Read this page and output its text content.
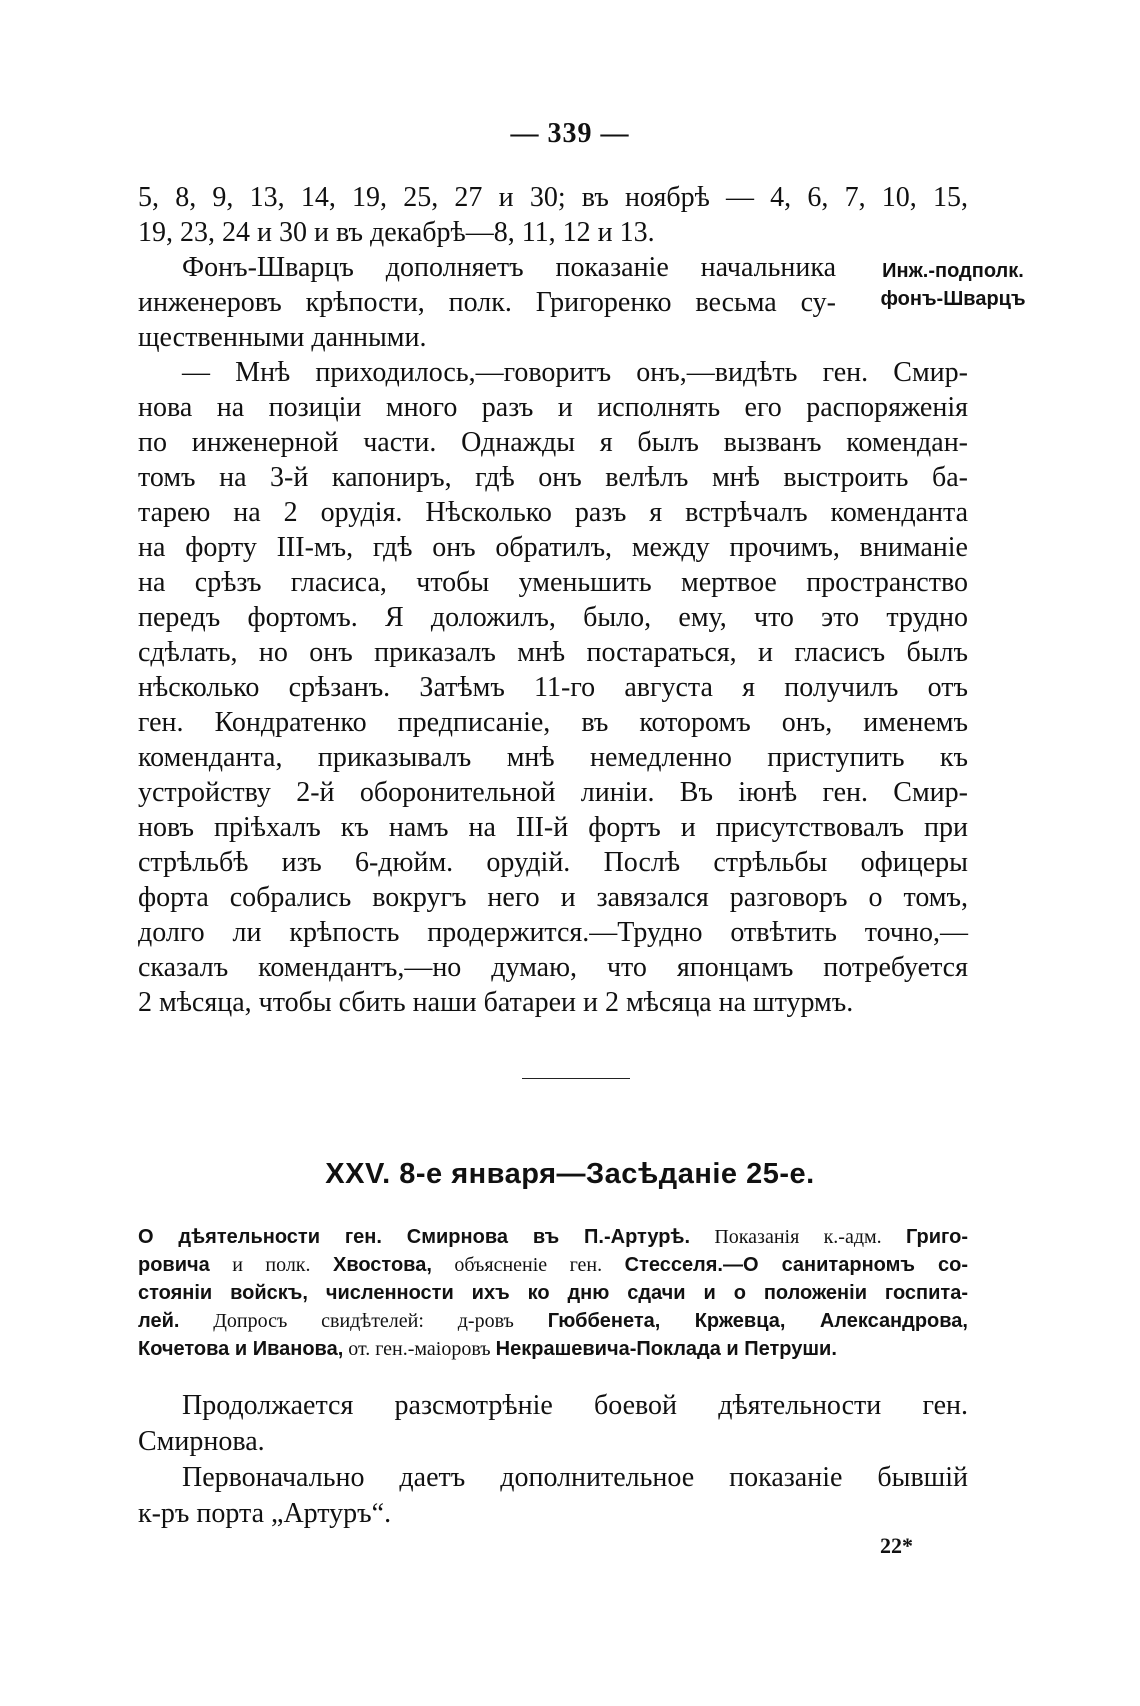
— 339 —
5, 8, 9, 13, 14, 19, 25, 27 и 30; въ ноябрѣ — 4, 6, 7, 10, 15,
19, 23, 24 и 30 и въ декабрѣ—8, 11, 12 и 13.
Фонъ-Шварцъ дополняетъ показаніе начальника
инженеровъ крѣпости, полк. Григоренко весьма су-
щественными данными.
— Мнѣ приходилось,—говоритъ онъ,—видѣть ген. Смир-
нова на позиціи много разъ и исполнять его распоряженія
по инженерной части. Однажды я былъ вызванъ комендан-
томъ на 3-й капониръ, гдѣ онъ велѣлъ мнѣ выстроить ба-
тарею на 2 орудія. Нѣсколько разъ я встрѣчалъ коменданта
на форту III-мъ, гдѣ онъ обратилъ, между прочимъ, вниманіе
на срѣзъ гласиса, чтобы уменьшить мертвое пространство
передъ фортомъ. Я доложилъ, было, ему, что это трудно
сдѣлать, но онъ приказалъ мнѣ постараться, и гласисъ былъ
нѣсколько срѣзанъ. Затѣмъ 11-го августа я получилъ отъ
ген. Кондратенко предписаніе, въ которомъ онъ, именемъ
коменданта, приказывалъ мнѣ немедленно приступить къ
устройству 2-й оборонительной линіи. Въ іюнѣ ген. Смир-
новъ пріѣхалъ къ намъ на III-й фортъ и присутствовалъ при
стрѣльбѣ изъ 6-дюйм. орудій. Послѣ стрѣльбы офицеры
форта собрались вокругъ него и завязался разговоръ о томъ,
долго ли крѣпость продержится.—Трудно отвѣтить точно,—
сказалъ комендантъ,—но думаю, что японцамъ потребуется
2 мѣсяца, чтобы сбить наши батареи и 2 мѣсяца на штурмъ.
Инж.-подполк.
фонъ-Шварцъ
XXV. 8-е января—Засѣданіе 25-е.
О дѣятельности ген. Смирнова въ П.-Артурѣ. Показанія к.-адм. Григо-
ровича и полк. Хвостова, объясненіе ген. Стесселя.—О санитарномъ со-
стояніи войскъ, численности ихъ ко дню сдачи и о положеніи госпита-
лей. Допросъ свидѣтелей: д-ровъ Гюббенета, Кржевца, Александрова,
Кочетова и Иванова, от. ген.-маіоровъ Некрашевича-Поклада и Петруши.
Продолжается разсмотрѣніе боевой дѣятельности ген.
Смирнова.
Первоначально даетъ дополнительное показаніе бывшій
к-ръ порта „Артуръ“.
22*
